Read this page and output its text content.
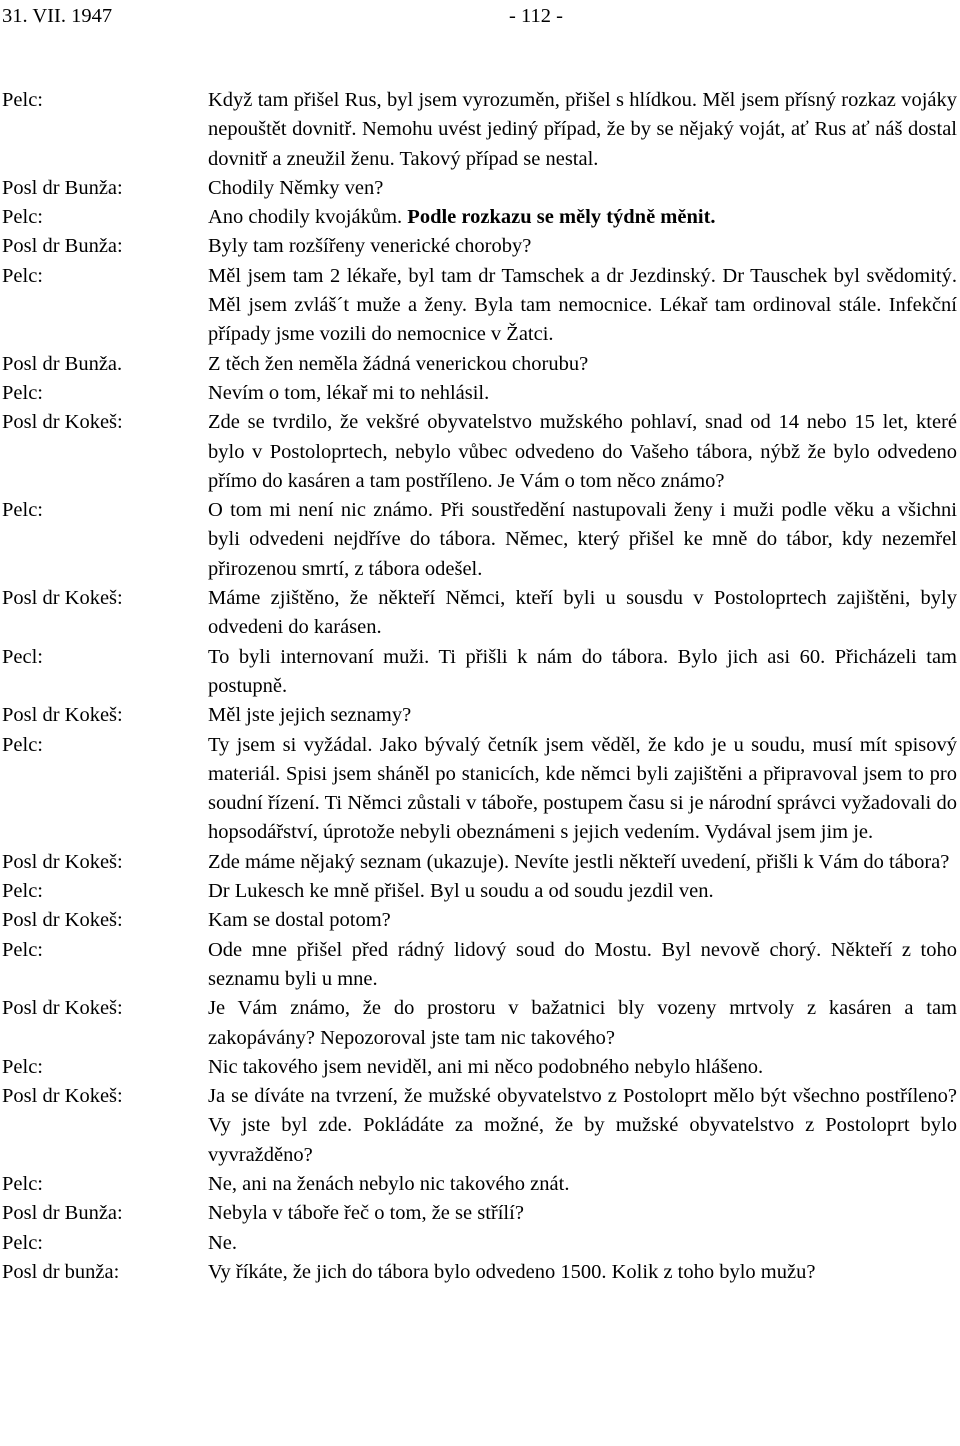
31. VII. 1947	- 112 -
Pelc:	Když tam přišel Rus, byl jsem vyrozuměn, přišel s hlídkou. Měl jsem přísný rozkaz vojáky nepouštět dovnitř. Nemohu uvést jediný případ, že by se nějaký voját, ať Rus ať náš dostal dovnitř a zneužil ženu. Takový případ se nestal.
Posl dr Bunža:	Chodily Němky ven?
Pelc:	Ano chodily kvojákům. Podle rozkazu se měly týdně měnit.
Posl dr Bunža:	Byly tam rozšířeny venerické choroby?
Pelc:	Měl jsem tam 2 lékaře, byl tam dr Tamschek a dr Jezdinský. Dr Tauschek byl svědomitý. Měl jsem zvláš´t muže a ženy. Byla tam nemocnice. Lékař tam ordinoval stále. Infekční případy jsme vozili do nemocnice v Žatci.
Posl dr Bunža.	Z těch žen neměla žádná venerickou chorubu?
Pelc:	Nevím o tom, lékař mi to nehlásil.
Posl dr Kokeš:	Zde se tvrdilo, že vekšré obyvatelstvo mužského pohlaví, snad od 14 nebo 15 let, které bylo v Postoloprtech, nebylo vůbec odvedeno do Vašeho tábora, nýbž že bylo odvedeno přímo do kasáren a tam postříleno. Je Vám o tom něco známo?
Pelc:	O tom mi není nic známo. Při soustředění nastupovali ženy i muži podle věku a všichni byli odvedeni nejdříve do tábora. Němec, který přišel ke mně do tábor, kdy nezemřel přirozenou smrtí, z tábora odešel.
Posl dr Kokeš:	Máme zjištěno, že někteří Němci, kteří byli u sousdu v Postoloprtech zajištěni, byly odvedeni do karásen.
Pecl:	To byli internovaní muži. Ti přišli k nám do tábora. Bylo jich asi 60. Přicházeli tam postupně.
Posl dr Kokeš:	Měl jste jejich seznamy?
Pelc:	Ty jsem si vyžádal. Jako bývalý četník jsem věděl, že kdo je u soudu, musí mít spisový materiál. Spisi jsem sháněl po stanicích, kde němci byli zajištěni a připravoval jsem to pro soudní řízení. Ti Němci zůstali v táboře, postupem času si je národní správci vyžadovali do hopsodářství, úprotože nebyli obeznámeni s jejich vedením. Vydával jsem jim je.
Posl dr Kokeš:	Zde máme nějaký seznam (ukazuje). Nevíte jestli někteří uvedení, přišli k Vám do tábora?
Pelc:	Dr Lukesch ke mně přišel. Byl u soudu a od soudu jezdil ven.
Posl dr Kokeš:	Kam se dostal potom?
Pelc:	Ode mne přišel před rádný lidový soud do Mostu. Byl nevově chorý. Někteří z toho seznamu byli u mne.
Posl dr Kokeš:	Je Vám známo, že do prostoru v bažatnici bly vozeny mrtvoly z kasáren a tam zakopávány? Nepozoroval jste tam nic takového?
Pelc:	Nic takového jsem neviděl, ani mi něco podobného nebylo hlášeno.
Posl dr Kokeš:	Ja se díváte na tvrzení, že mužské obyvatelstvo z Postoloprt mělo být všechno postříleno? Vy jste byl zde. Pokládáte za možné, že by mužské obyvatelstvo z Postoloprt bylo vyvražděno?
Pelc:	Ne, ani na ženách nebylo nic takového znát.
Posl dr Bunža:	Nebyla v táboře řeč o tom, že se střílí?
Pelc:	Ne.
Posl dr bunža:	Vy říkáte, že jich do tábora bylo odvedeno 1500. Kolik z toho bylo mužu?
